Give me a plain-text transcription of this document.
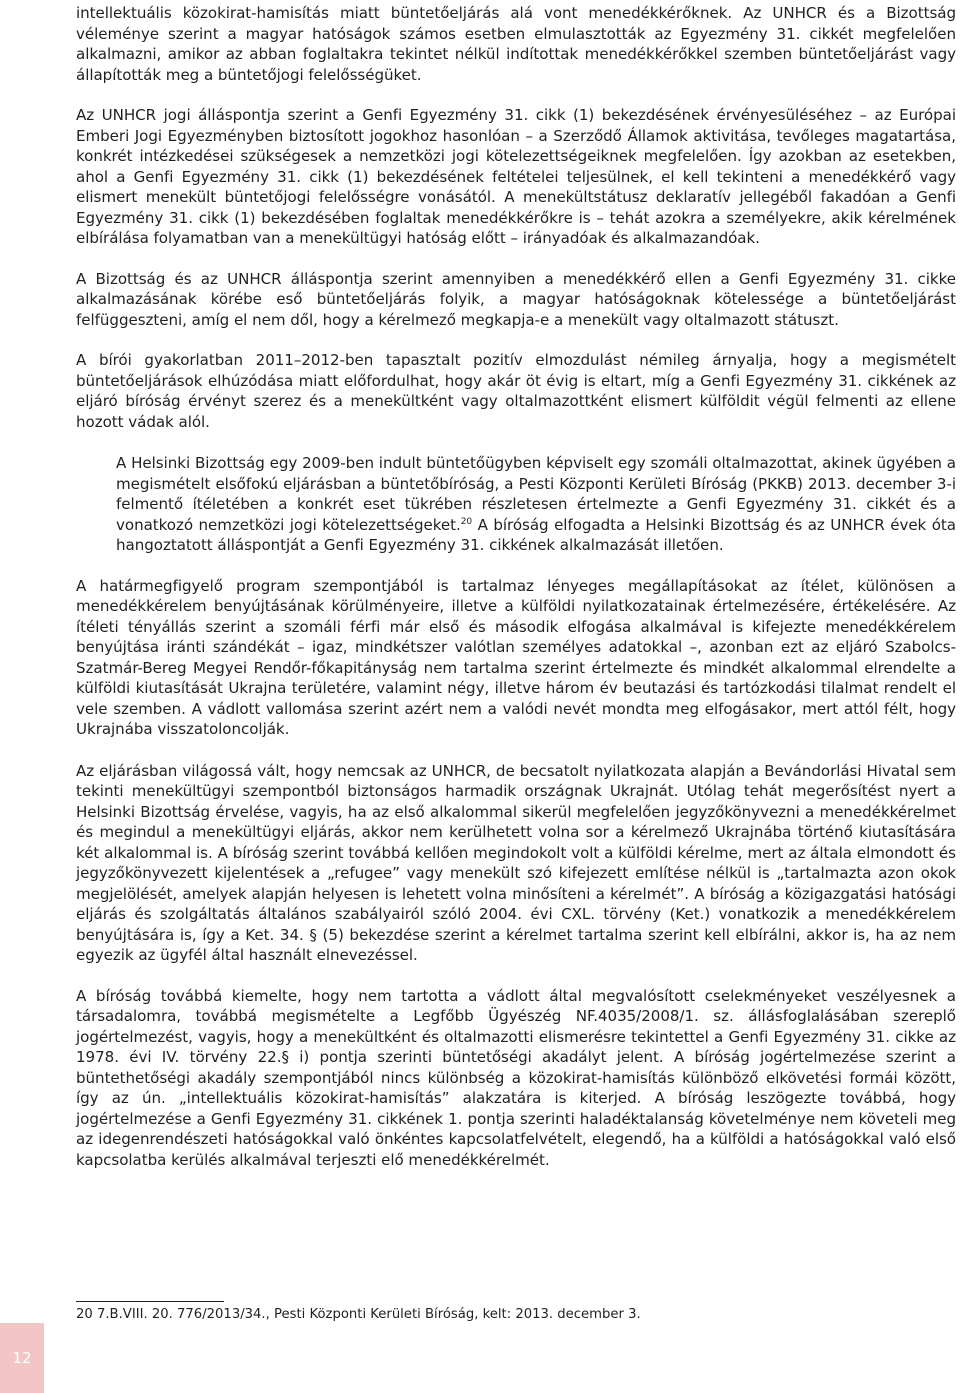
intellektuális közokirat-hamisítás miatt büntetőeljárás alá vont menedékkérőknek. Az UNHCR és a Bizottság véleménye szerint a magyar hatóságok számos esetben elmulasztották az Egyezmény 31. cikkét megfelelően alkalmazni, amikor az abban foglaltakra tekintet nélkül indítottak menedékkérőkkel szemben büntetőeljárást vagy állapították meg a büntetőjogi felelősségüket.

Az UNHCR jogi álláspontja szerint a Genfi Egyezmény 31. cikk (1) bekezdésének érvényesüléséhez – az Európai Emberi Jogi Egyezményben biztosított jogokhoz hasonlóan – a Szerződő Államok aktivitása, tevőleges magatartása, konkrét intézkedései szükségesek a nemzetközi jogi kötelezettségeiknek megfelelően. Így azokban az esetekben, ahol a Genfi Egyezmény 31. cikk (1) bekezdésének feltételei teljesülnek, el kell tekinteni a menedékkérő vagy elismert menekült büntetőjogi felelősségre vonásától. A menekültstátusz deklaratív jellegéből fakadóan a Genfi Egyezmény 31. cikk (1) bekezdésében foglaltak menedékkérőkre is – tehát azokra a személyekre, akik kérelmének elbírálása folyamatban van a menekültügyi hatóság előtt – irányadóak és alkalmazandóak.

A Bizottság és az UNHCR álláspontja szerint amennyiben a menedékkérő ellen a Genfi Egyezmény 31. cikke alkalmazásának körébe eső büntetőeljárás folyik, a magyar hatóságoknak kötelessége a büntetőeljárást felfüggeszteni, amíg el nem dől, hogy a kérelmező megkapja-e a menekült vagy oltalmazott státuszt.

A bírói gyakorlatban 2011–2012-ben tapasztalt pozitív elmozdulást némileg árnyalja, hogy a megismételt büntetőeljárások elhúzódása miatt előfordulhat, hogy akár öt évig is eltart, míg a Genfi Egyezmény 31. cikkének az eljáró bíróság érvényt szerez és a menekültként vagy oltalmazottként elismert külföldit végül felmenti az ellene hozott vádak alól.

A Helsinki Bizottság egy 2009-ben indult büntetőügyben képviselt egy szomáli oltalmazottat, akinek ügyében a megismételt elsőfokú eljárásban a büntetőbíróság, a Pesti Központi Kerületi Bíróság (PKKB) 2013. december 3-i felmentő ítéletében a konkrét eset tükrében részletesen értelmezte a Genfi Egyezmény 31. cikkét és a vonatkozó nemzetközi jogi kötelezettségeket.$^{20}$ A bíróság elfogadta a Helsinki Bizottság és az UNHCR évek óta hangoztatott álláspontját a Genfi Egyezmény 31. cikkének alkalmazását illetően.

A határmegfigyelő program szempontjából is tartalmaz lényeges megállapításokat az ítélet, különösen a menedékkérelem benyújtásának körülményeire, illetve a külföldi nyilatkozatainak értelmezésére, értékelésére. Az ítéleti tényállás szerint a szomáli férfi már első és második elfogása alkalmával is kifejezte menedékkérelem benyújtása iránti szándékát – igaz, mindkétszer valótlan személyes adatokkal –, azonban ezt az eljáró Szabolcs-Szatmár-Bereg Megyei Rendőr-főkapitányság nem tartalma szerint értelmezte és mindkét alkalommal elrendelte a külföldi kiutasítását Ukrajna területére, valamint négy, illetve három év beutazási és tartózkodási tilalmat rendelt el vele szemben. A vádlott vallomása szerint azért nem a valódi nevét mondta meg elfogásakor, mert attól félt, hogy Ukrajnába visszatoloncolják.

Az eljárásban világossá vált, hogy nemcsak az UNHCR, de becsatolt nyilatkozata alapján a Bevándorlási Hivatal sem tekinti menekültügyi szempontból biztonságos harmadik országnak Ukrajnát. Utólag tehát megerősítést nyert a Helsinki Bizottság érvelése, vagyis, ha az első alkalommal sikerül megfelelően jegyzőkönyvezni a menedékkérelmet és megindul a menekültügyi eljárás, akkor nem kerülhetett volna sor a kérelmező Ukrajnába történő kiutasítására két alkalommal is. A bíróság szerint továbbá kellően megindokolt volt a külföldi kérelme, mert az általa elmondott és jegyzőkönyvezett kijelentések a „refugee” vagy menekült szó kifejezett említése nélkül is „tartalmazta azon okok megjelölését, amelyek alapján helyesen is lehetett volna minősíteni a kérelmét”. A bíróság a közigazgatási hatósági eljárás és szolgáltatás általános szabályairól szóló 2004. évi CXL. törvény (Ket.) vonatkozik a menedékkérelem benyújtására is, így a Ket. 34. § (5) bekezdése szerint a kérelmet tartalma szerint kell elbírálni, akkor is, ha az nem egyezik az ügyfél által használt elnevezéssel.

A bíróság továbbá kiemelte, hogy nem tartotta a vádlott által megvalósított cselekményeket veszélyesnek a társadalomra, továbbá megismételte a Legfőbb Ügyészég NF.4035/2008/1. sz. állásfoglalásában szereplő jogértelmezést, vagyis, hogy a menekültként és oltalmazotti elismerésre tekintettel a Genfi Egyezmény 31. cikke az 1978. évi IV. törvény 22.§ i) pontja szerinti büntetőségi akadályt jelent. A bíróság jogértelmezése szerint a büntethetőségi akadály szempontjából nincs különbség a közokirat-hamisítás különböző elkövetési formái között, így az ún. „intellektuális közokirat-hamisítás” alakzatára is kiterjed. A bíróság leszögezte továbbá, hogy jogértelmezése a Genfi Egyezmény 31. cikkének 1. pontja szerinti haladéktalanság követelménye nem követeli meg az idegenrendészeti hatóságokkal való önkéntes kapcsolatfelvételt, elegendő, ha a külföldi a hatóságokkal való első kapcsolatba kerülés alkalmával terjeszti elő menedékkérelmét.

20 7.B.VIII. 20. 776/2013/34., Pesti Központi Kerületi Bíróság, kelt: 2013. december 3.

12
